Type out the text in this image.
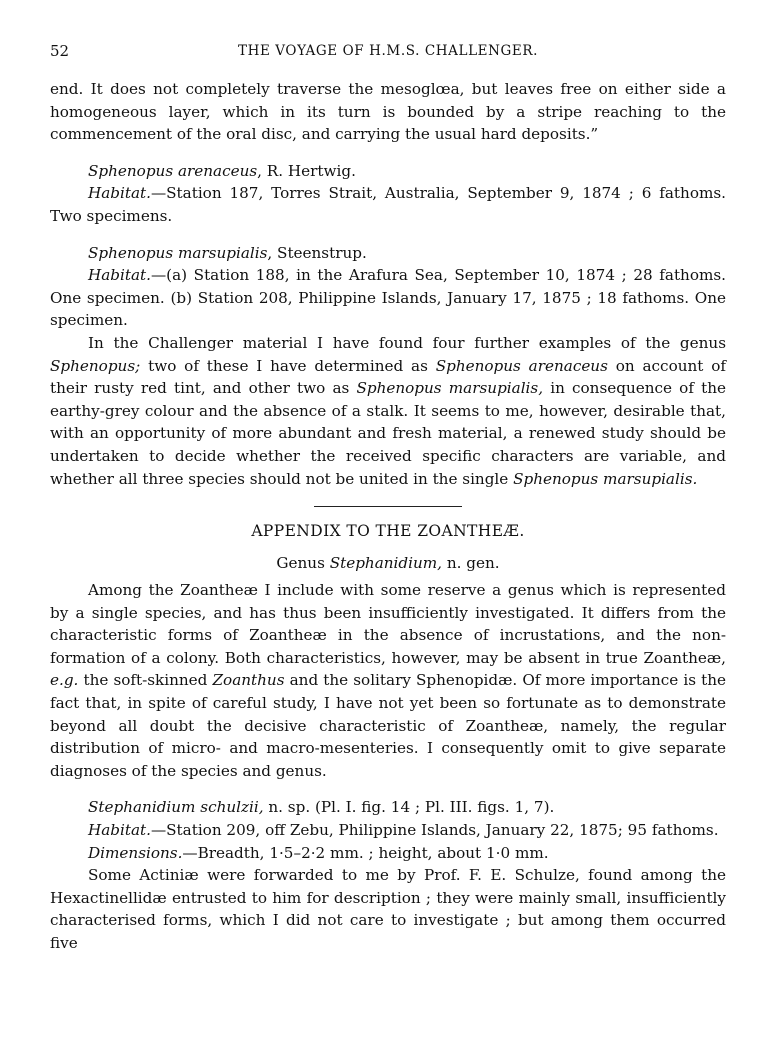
52	THE VOYAGE OF H.M.S. CHALLENGER.

end. It does not completely traverse the mesoglœa, but leaves free on either side a homogeneous layer, which in its turn is bounded by a stripe reaching to the commencement of the oral disc, and carrying the usual hard deposits.”

Sphenopus arenaceus, R. Hertwig.

Habitat.—Station 187, Torres Strait, Australia, September 9, 1874 ; 6 fathoms. Two specimens.

Sphenopus marsupialis, Steenstrup.

Habitat.—(a) Station 188, in the Arafura Sea, September 10, 1874 ; 28 fathoms. One specimen. (b) Station 208, Philippine Islands, January 17, 1875 ; 18 fathoms. One specimen.

In the Challenger material I have found four further examples of the genus Sphenopus; two of these I have determined as Sphenopus arenaceus on account of their rusty red tint, and other two as Sphenopus marsupialis, in consequence of the earthy-grey colour and the absence of a stalk. It seems to me, however, desirable that, with an opportunity of more abundant and fresh material, a renewed study should be undertaken to decide whether the received specific characters are variable, and whether all three species should not be united in the single Sphenopus marsupialis.

APPENDIX TO THE ZOANTHEÆ.
Genus Stephanidium, n. gen.

Among the Zoantheæ I include with some reserve a genus which is represented by a single species, and has thus been insufficiently investigated. It differs from the characteristic forms of Zoantheæ in the absence of incrustations, and the non-formation of a colony. Both characteristics, however, may be absent in true Zoantheæ, e.g. the soft-skinned Zoanthus and the solitary Sphenopidæ. Of more importance is the fact that, in spite of careful study, I have not yet been so fortunate as to demonstrate beyond all doubt the decisive characteristic of Zoantheæ, namely, the regular distribution of micro- and macro-mesenteries. I consequently omit to give separate diagnoses of the species and genus.

Stephanidium schulzii, n. sp. (Pl. I. fig. 14 ; Pl. III. figs. 1, 7).

Habitat.—Station 209, off Zebu, Philippine Islands, January 22, 1875; 95 fathoms.

Dimensions.—Breadth, 1·5–2·2 mm. ; height, about 1·0 mm.

Some Actiniæ were forwarded to me by Prof. F. E. Schulze, found among the Hexactinellidæ entrusted to him for description ; they were mainly small, insufficiently characterised forms, which I did not care to investigate ; but among them occurred five
